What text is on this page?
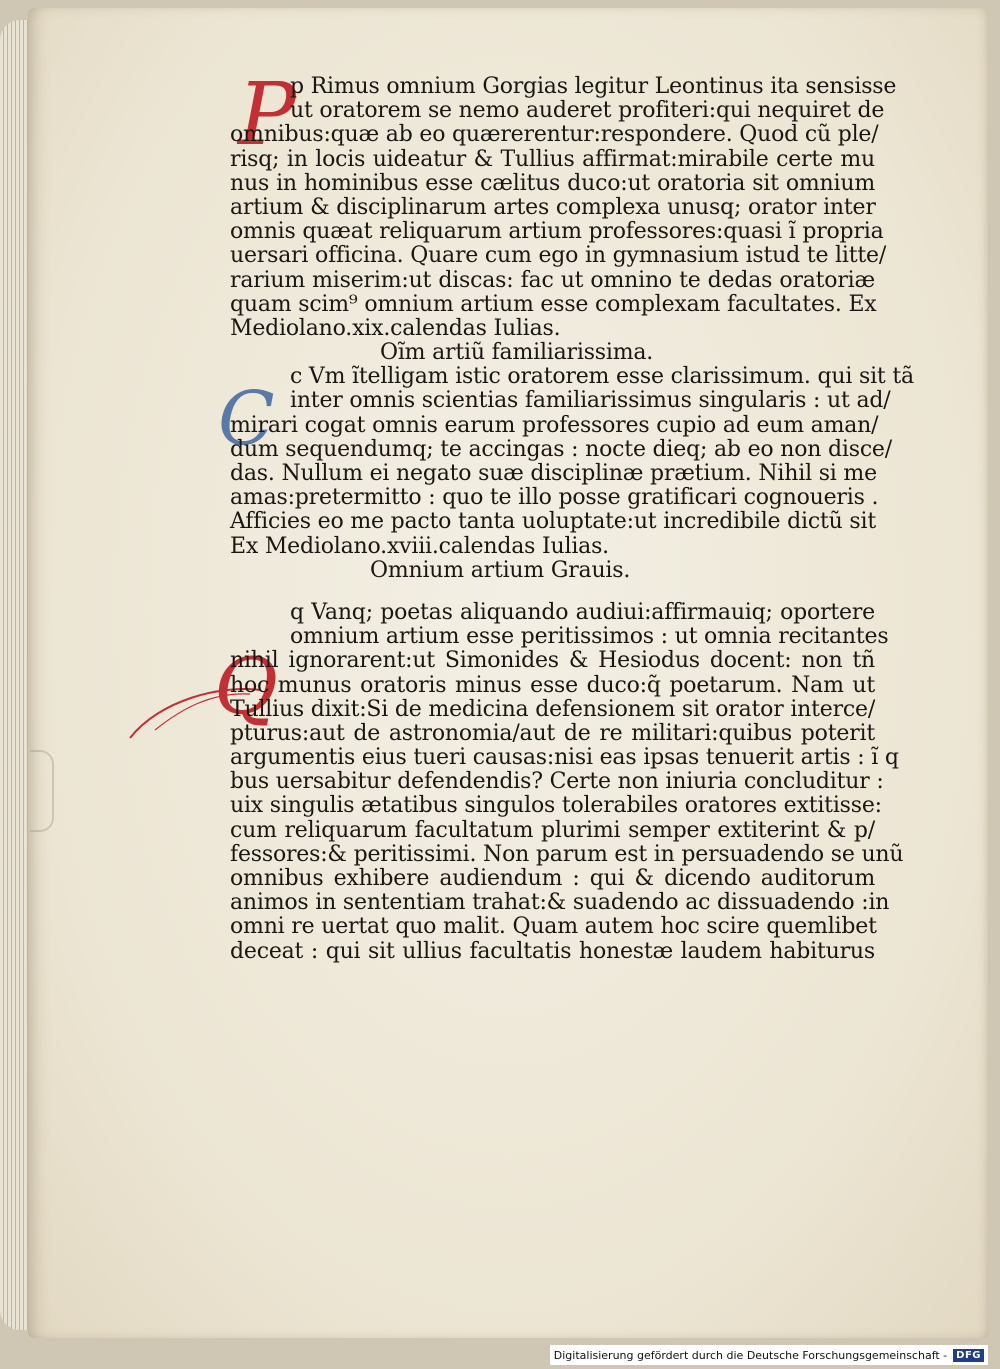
P
C
Q
p Rimus omnium Gorgias legitur Leontinus ita sensisse
ut oratorem se nemo auderet profiteri:qui nequiret de
omnibus:quæ ab eo quærerentur:respondere. Quod cũ ple/
risq; in locis uideatur & Tullius affirmat:mirabile certe mu
nus in hominibus esse cælitus duco:ut oratoria sit omnium
artium & disciplinarum artes complexa unusq; orator inter
omnis quæat reliquarum artium professores:quasi ĩ propria
uersari officina. Quare cum ego in gymnasium istud te litte/
rarium miserim:ut discas: fac ut omnino te dedas oratoriæ
quam scim⁹ omnium artium esse complexam facultates. Ex
Mediolano.xix.calendas Iulias.
Oĩm artiũ familiarissima.
c Vm ĩtelligam istic oratorem esse clarissimum. qui sit tã
inter omnis scientias familiarissimus singularis : ut ad/
mirari cogat omnis earum professores cupio ad eum aman/
dum sequendumq; te accingas : nocte dieq; ab eo non disce/
das. Nullum ei negato suæ disciplinæ prætium. Nihil si me
amas:pretermitto : quo te illo posse gratificari cognoueris .
Afficies eo me pacto tanta uoluptate:ut incredibile dictũ sit
Ex Mediolano.xviii.calendas Iulias.
Omnium artium Grauis.
q Vanq; poetas aliquando audiui:affirmauiq; oportere
omnium artium esse peritissimos : ut omnia recitantes
nihil ignorarent:ut Simonides & Hesiodus docent: non tñ
hoc munus oratoris minus esse duco:q̃ poetarum. Nam ut
Tullius dixit:Si de medicina defensionem sit orator interce/
pturus:aut de astronomia/aut de re militari:quibus poterit
argumentis eius tueri causas:nisi eas ipsas tenuerit artis : ĩ q
bus uersabitur defendendis? Certe non iniuria concluditur :
uix singulis ætatibus singulos tolerabiles oratores extitisse:
cum reliquarum facultatum plurimi semper extiterint & p/
fessores:& peritissimi. Non parum est in persuadendo se unũ
omnibus exhibere audiendum : qui & dicendo auditorum
animos in sententiam trahat:& suadendo ac dissuadendo :in
omni re uertat quo malit. Quam autem hoc scire quemlibet
deceat : qui sit ullius facultatis honestæ laudem habiturus
Digitalisierung gefördert durch die Deutsche Forschungsgemeinschaft - DFG
